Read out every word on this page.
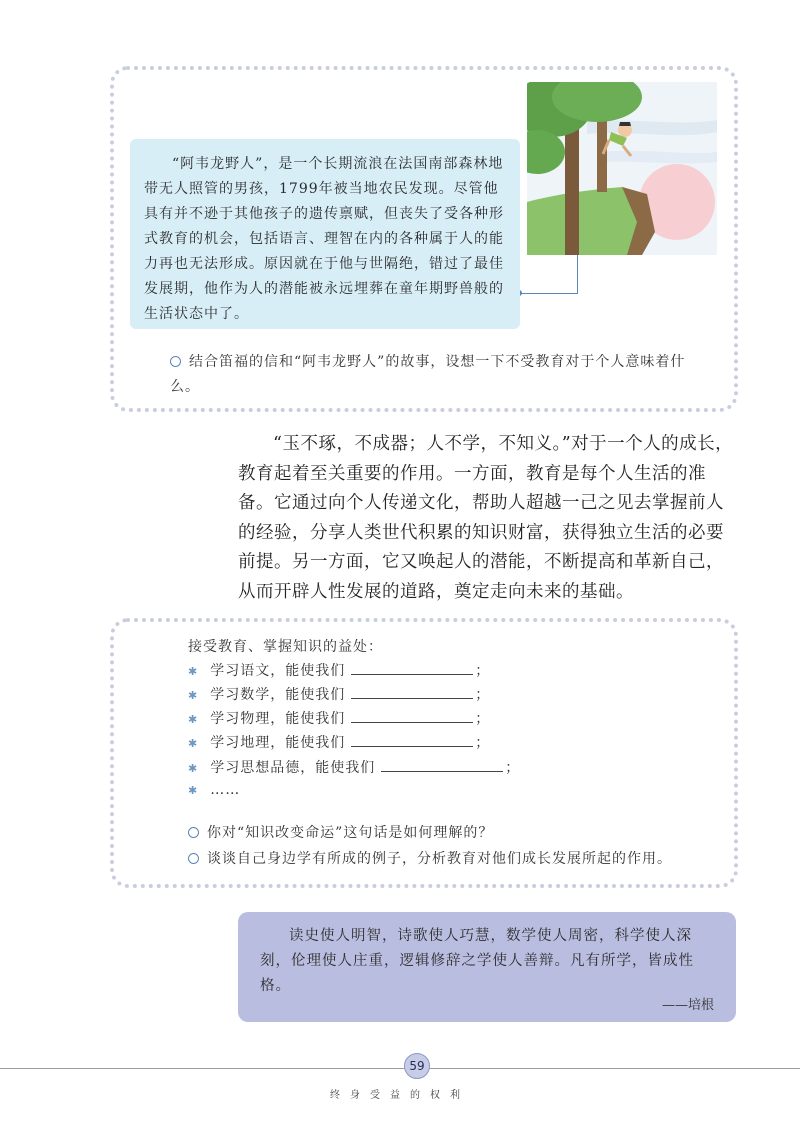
“阿韦龙野人”，是一个长期流浪在法国南部森林地带无人照管的男孩，1799年被当地农民发现。尽管他具有并不逊于其他孩子的遗传禀赋，但丧失了受各种形式教育的机会，包括语言、理智在内的各种属于人的能力再也无法形成。原因就在于他与世隔绝，错过了最佳发展期，他作为人的潜能被永远埋葬在童年期野兽般的生活状态中了。
结合笛福的信和“阿韦龙野人”的故事，设想一下不受教育对于个人意味着什么。
“玉不琢，不成器；人不学，不知义。”对于一个人的成长，教育起着至关重要的作用。一方面，教育是每个人生活的准备。它通过向个人传递文化，帮助人超越一己之见去掌握前人的经验，分享人类世代积累的知识财富，获得独立生活的必要前提。另一方面，它又唤起人的潜能，不断提高和革新自己，从而开辟人性发展的道路，奠定走向未来的基础。
接受教育、掌握知识的益处：
✱ 学习语文，能使我们	；
✱ 学习数学，能使我们	；
✱ 学习物理，能使我们	；
✱ 学习地理，能使我们	；
✱ 学习思想品德，能使我们	；
✱ ……
你对“知识改变命运”这句话是如何理解的？
谈谈自己身边学有所成的例子，分析教育对他们成长发展所起的作用。
读史使人明智，诗歌使人巧慧，数学使人周密，科学使人深刻，伦理使人庄重，逻辑修辞之学使人善辩。凡有所学，皆成性格。
——培根
59
终身受益的权利
